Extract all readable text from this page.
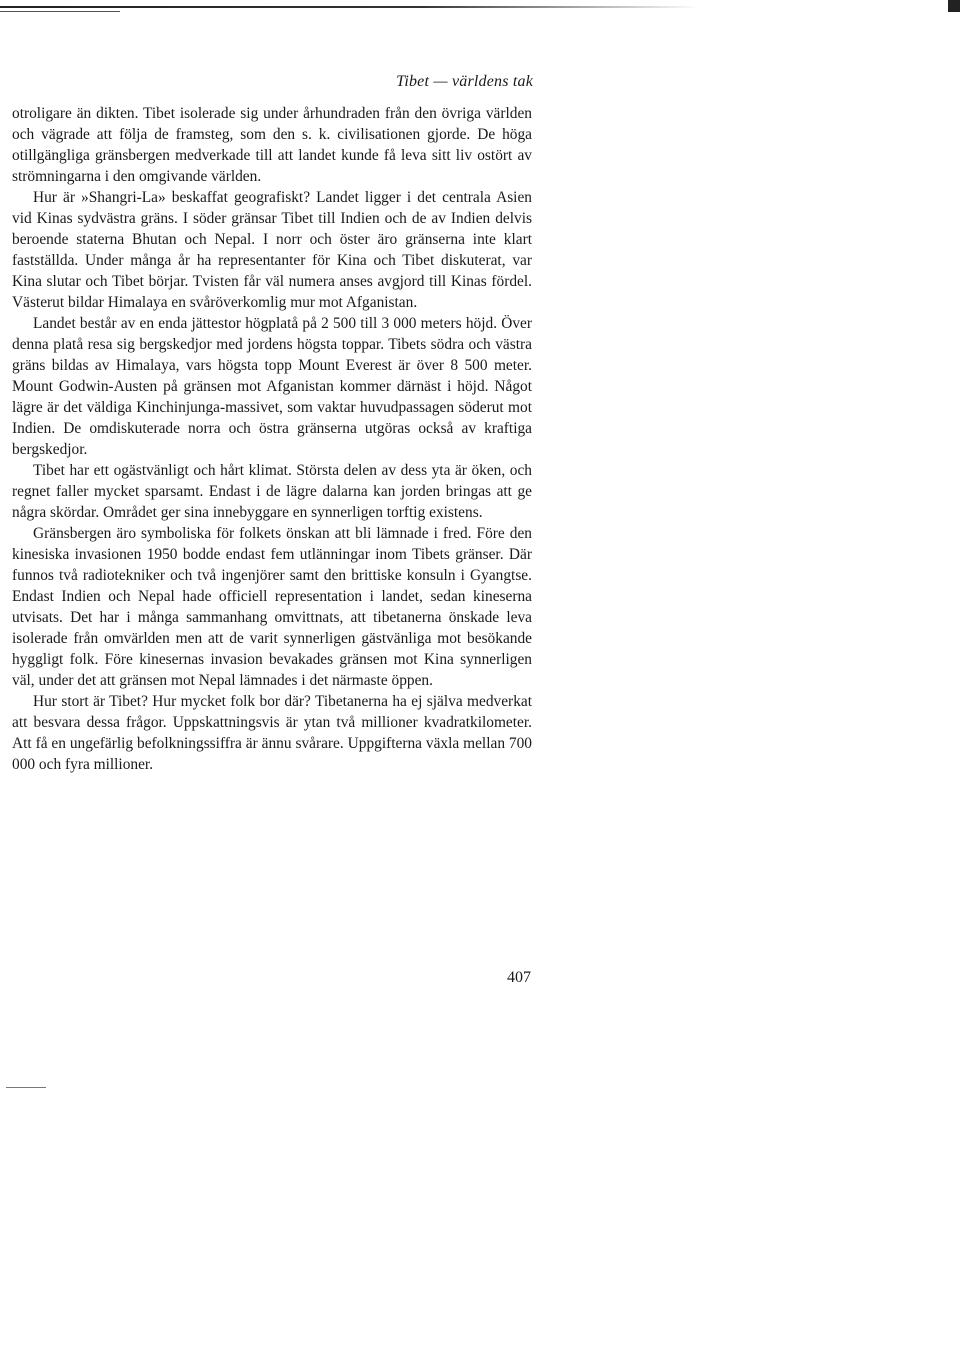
Tibet — världens tak

otroligare än dikten. Tibet isolerade sig under århundraden från den övriga världen och vägrade att följa de framsteg, som den s. k. civilisationen gjorde. De höga otillgängliga gränsbergen medverkade till att landet kunde få leva sitt liv ostört av strömningarna i den omgivande världen.

Hur är »Shangri-La» beskaffat geografiskt? Landet ligger i det centrala Asien vid Kinas sydvästra gräns. I söder gränsar Tibet till Indien och de av Indien delvis beroende staterna Bhutan och Nepal. I norr och öster äro gränserna inte klart fastställda. Under många år ha representanter för Kina och Tibet diskuterat, var Kina slutar och Tibet börjar. Tvisten får väl numera anses avgjord till Kinas fördel. Västerut bildar Himalaya en svåröverkomlig mur mot Afganistan.

Landet består av en enda jättestor högplatå på 2 500 till 3 000 meters höjd. Över denna platå resa sig bergskedjor med jordens högsta toppar. Tibets södra och västra gräns bildas av Himalaya, vars högsta topp Mount Everest är över 8 500 meter. Mount Godwin-Austen på gränsen mot Afganistan kommer därnäst i höjd. Något lägre är det väldiga Kinchinjunga-massivet, som vaktar huvudpassagen söderut mot Indien. De omdiskuterade norra och östra gränserna utgöras också av kraftiga bergskedjor.

Tibet har ett ogästvänligt och hårt klimat. Största delen av dess yta är öken, och regnet faller mycket sparsamt. Endast i de lägre dalarna kan jorden bringas att ge några skördar. Området ger sina innebyggare en synnerligen torftig existens.

Gränsbergen äro symboliska för folkets önskan att bli lämnade i fred. Före den kinesiska invasionen 1950 bodde endast fem utlänningar inom Tibets gränser. Där funnos två radiotekniker och två ingenjörer samt den brittiske konsuln i Gyangtse. Endast Indien och Nepal hade officiell representation i landet, sedan kineserna utvisats. Det har i många sammanhang omvittnats, att tibetanerna önskade leva isolerade från omvärlden men att de varit synnerligen gästvänliga mot besökande hyggligt folk. Före kinesernas invasion bevakades gränsen mot Kina synnerligen väl, under det att gränsen mot Nepal lämnades i det närmaste öppen.

Hur stort är Tibet? Hur mycket folk bor där? Tibetanerna ha ej själva medverkat att besvara dessa frågor. Uppskattningsvis är ytan två millioner kvadratkilometer. Att få en ungefärlig befolkningssiffra är ännu svårare. Uppgifterna växla mellan 700 000 och fyra millioner.

407
